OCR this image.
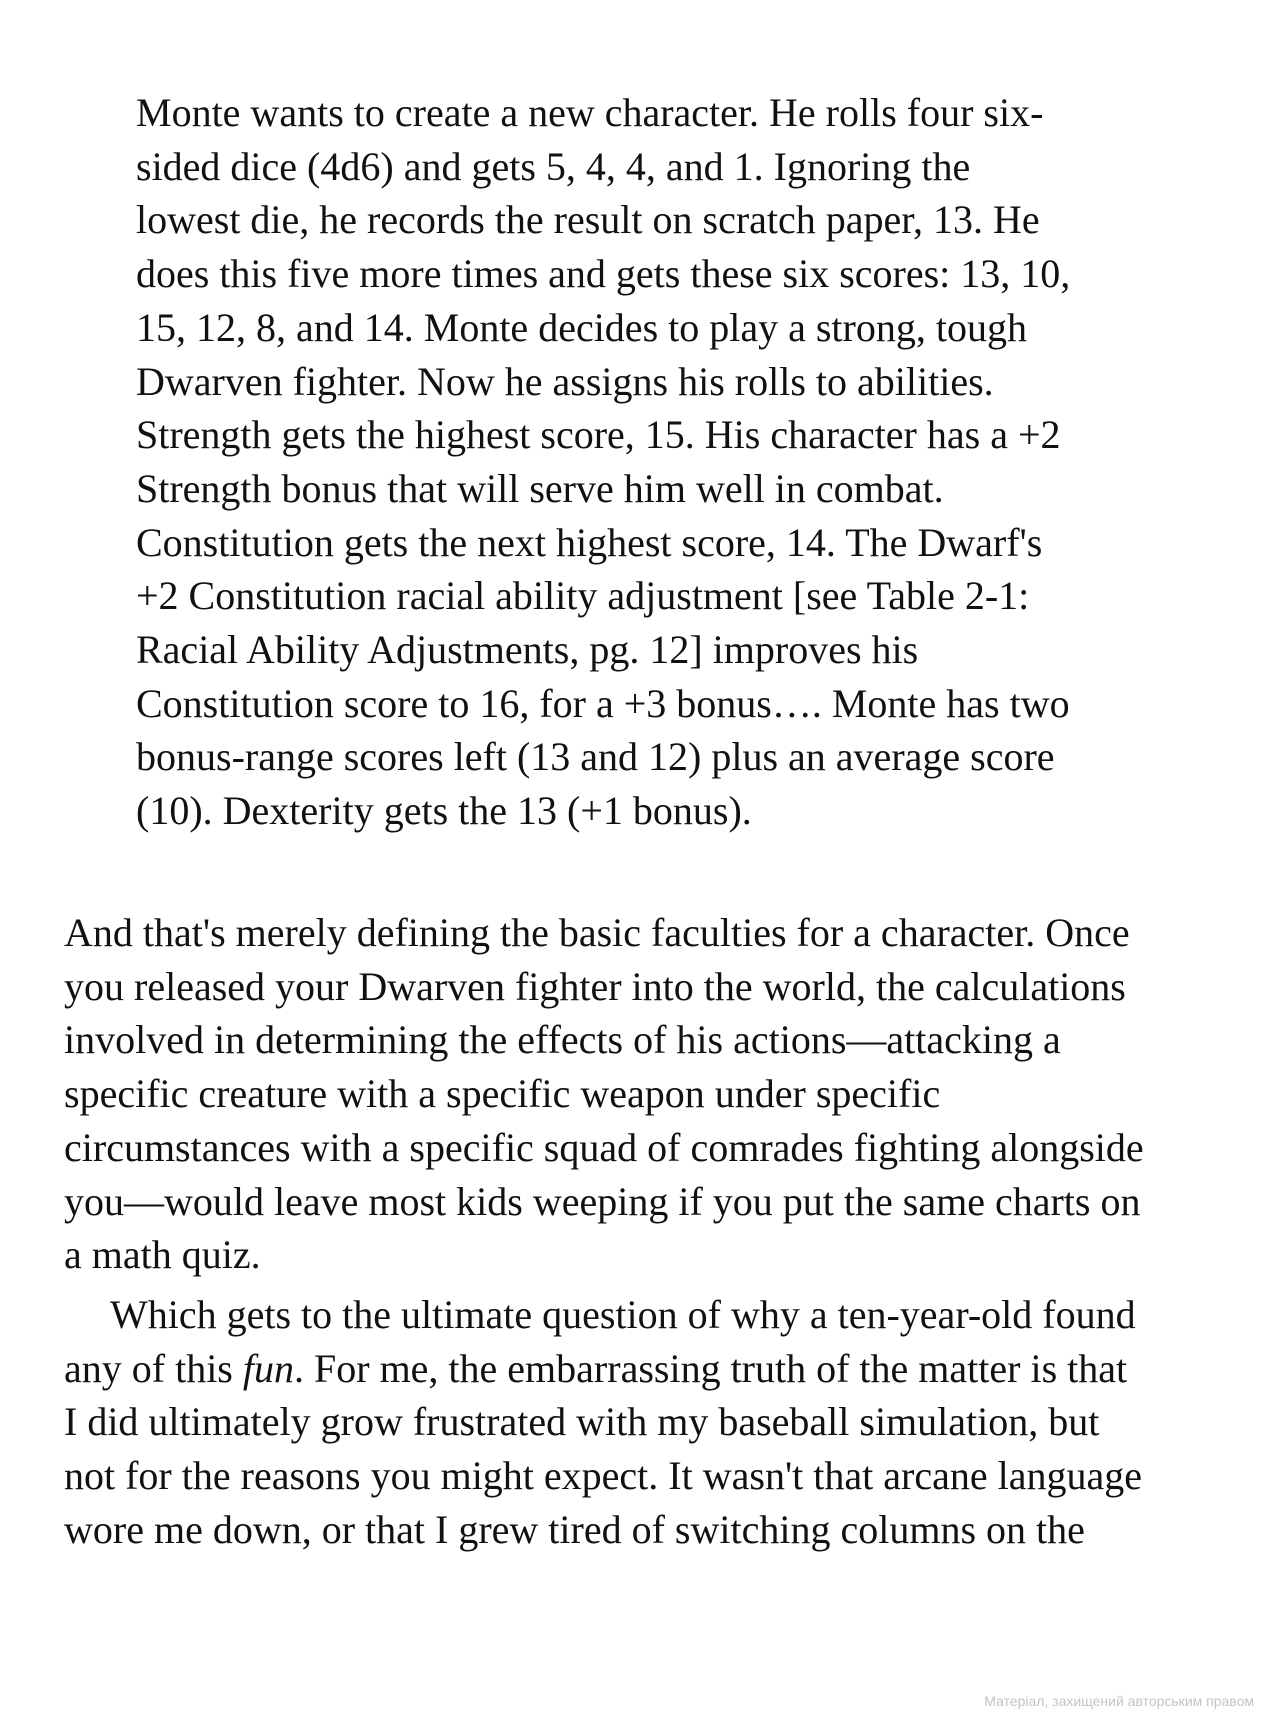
Monte wants to create a new character. He rolls four six-
sided dice (4d6) and gets 5, 4, 4, and 1. Ignoring the
lowest die, he records the result on scratch paper, 13. He
does this five more times and gets these six scores: 13, 10,
15, 12, 8, and 14. Monte decides to play a strong, tough
Dwarven fighter. Now he assigns his rolls to abilities.
Strength gets the highest score, 15. His character has a +2
Strength bonus that will serve him well in combat.
Constitution gets the next highest score, 14. The Dwarf's
+2 Constitution racial ability adjustment [see Table 2-1:
Racial Ability Adjustments, pg. 12] improves his
Constitution score to 16, for a +3 bonus…. Monte has two
bonus-range scores left (13 and 12) plus an average score
(10). Dexterity gets the 13 (+1 bonus).
And that's merely defining the basic faculties for a character. Once
you released your Dwarven fighter into the world, the calculations
involved in determining the effects of his actions—attacking a
specific creature with a specific weapon under specific
circumstances with a specific squad of comrades fighting alongside
you—would leave most kids weeping if you put the same charts on
a math quiz.
Which gets to the ultimate question of why a ten-year-old found
any of this fun. For me, the embarrassing truth of the matter is that
I did ultimately grow frustrated with my baseball simulation, but
not for the reasons you might expect. It wasn't that arcane language
wore me down, or that I grew tired of switching columns on the
Матеріал, захищений авторським правом
